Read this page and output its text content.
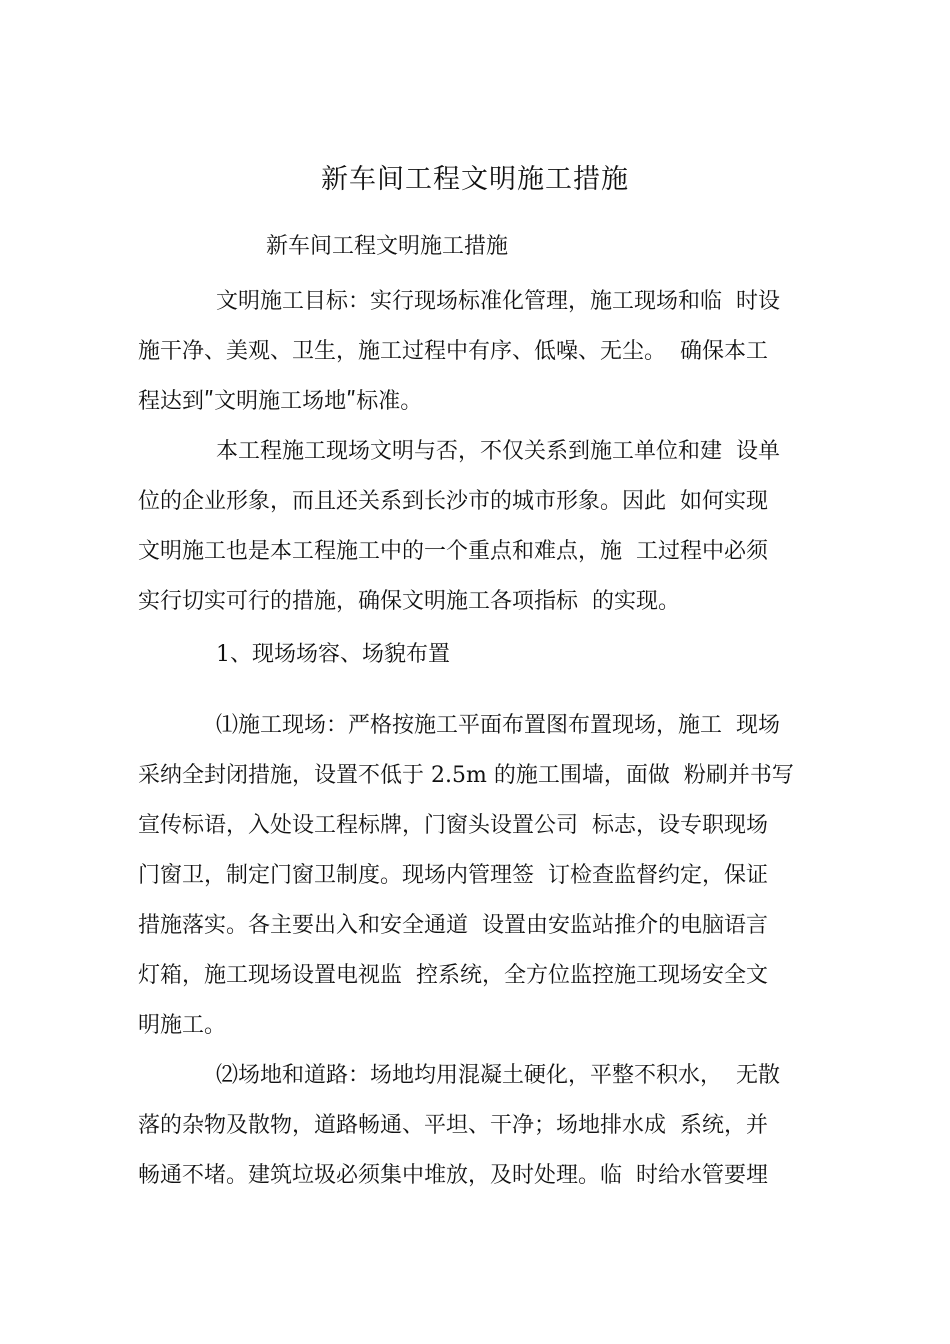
新车间工程文明施工措施
新车间工程文明施工措施
文明施工目标：实行现场标准化管理，施工现场和临  时设
施干净、美观、卫生，施工过程中有序、低噪、无尘。  确保本工
程达到ʺ文明施工场地ʺ标准。
本工程施工现场文明与否，不仅关系到施工单位和建  设单
位的企业形象，而且还关系到长沙市的城市形象。因此  如何实现
文明施工也是本工程施工中的一个重点和难点，施  工过程中必须
实行切实可行的措施，确保文明施工各项指标  的实现。
1、现场场容、场貌布置
⑴施工现场：严格按施工平面布置图布置现场，施工  现场
采纳全封闭措施，设置不低于 2.5m 的施工围墙，面做  粉刷并书写
宣传标语，入处设工程标牌，门窗头设置公司  标志，设专职现场
门窗卫，制定门窗卫制度。现场内管理签  订检查监督约定，保证
措施落实。各主要出入和安全通道  设置由安监站推介的电脑语言
灯箱，施工现场设置电视监  控系统，全方位监控施工现场安全文
明施工。
⑵场地和道路：场地均用混凝土硬化，平整不积水，  无散
落的杂物及散物，道路畅通、平坦、干净；场地排水成  系统，并
畅通不堵。建筑垃圾必须集中堆放，及时处理。临  时给水管要埋
